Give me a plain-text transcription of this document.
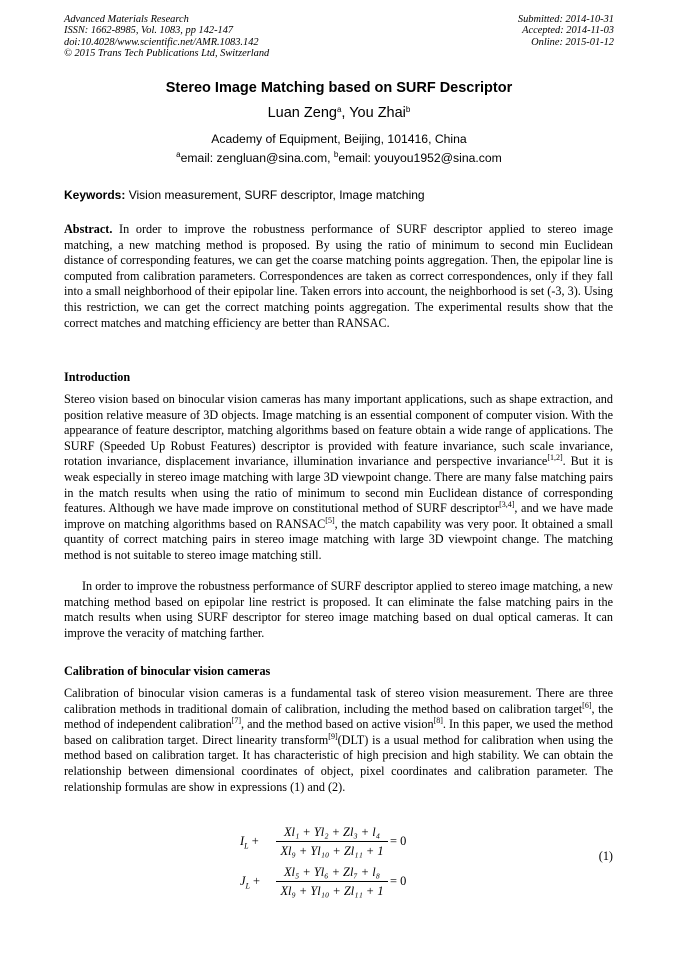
Advanced Materials Research
ISSN: 1662-8985, Vol. 1083, pp 142-147
doi:10.4028/www.scientific.net/AMR.1083.142
© 2015 Trans Tech Publications Ltd, Switzerland
Submitted: 2014-10-31
Accepted: 2014-11-03
Online: 2015-01-12
Stereo Image Matching based on SURF Descriptor
Luan Zeng$^a$, You Zhai$^b$
Academy of Equipment, Beijing, 101416, China
$^a$email: zengluan@sina.com, $^b$email: youyou1952@sina.com
Keywords: Vision measurement, SURF descriptor, Image matching
Abstract. In order to improve the robustness performance of SURF descriptor applied to stereo image matching, a new matching method is proposed. By using the ratio of minimum to second min Euclidean distance of corresponding features, we can get the coarse matching points aggregation. Then, the epipolar line is computed from calibration parameters. Correspondences are taken as correct correspondences, only if they fall into a small neighborhood of their epipolar line. Taken errors into account, the neighborhood is set (-3, 3). Using this restriction, we can get the correct matching points aggregation. The experimental results show that the correct matches and matching efficiency are better than RANSAC.
Introduction
Stereo vision based on binocular vision cameras has many important applications, such as shape extraction, and position relative measure of 3D objects. Image matching is an essential component of computer vision. With the appearance of feature descriptor, matching algorithms based on feature obtain a wide range of applications. The SURF (Speeded Up Robust Features) descriptor is provided with feature invariance, such scale invariance, rotation invariance, displacement invariance, illumination invariance and perspective invariance[1,2]. But it is weak especially in stereo image matching with large 3D viewpoint change. There are many false matching pairs in the match results when using the ratio of minimum to second min Euclidean distance of corresponding features. Although we have made improve on constitutional method of SURF descriptor[3,4], and we have made improve on matching algorithms based on RANSAC[5], the match capability was very poor. It obtained a small quantity of correct matching pairs in stereo image matching with large 3D viewpoint change. The matching method is not suitable to stereo image matching still.
In order to improve the robustness performance of SURF descriptor applied to stereo image matching, a new matching method based on epipolar line restrict is proposed. It can eliminate the false matching pairs in the match results when using SURF descriptor for stereo image matching based on dual optical cameras. It can improve the veracity of matching farther.
Calibration of binocular vision cameras
Calibration of binocular vision cameras is a fundamental task of stereo vision measurement. There are three calibration methods in traditional domain of calibration, including the method based on calibration target[6], the method of independent calibration[7], and the method based on active vision[8]. In this paper, we used the method based on calibration target. Direct linearity transform[9](DLT) is a usual method for calibration when using the method based on calibration target. It has characteristic of high precision and high stability. We can obtain the relationship between dimensional coordinates of object, pixel coordinates and calibration parameter. The relationship formulas are show in expressions (1) and (2).
$I_L + \frac{\text{Xl₁ + Yl₂ + Zl₃ + l₄}}{\text{Xl₉ + Yl₁₀ + Zl₁₁ + 1}} = 0$
$J_L + \frac{\text{Xl₅ + Yl₆ + Zl₇ + l₈}}{\text{Xl₉ + Yl₁₀ + Zl₁₁ + 1}} = 0$
(1)
